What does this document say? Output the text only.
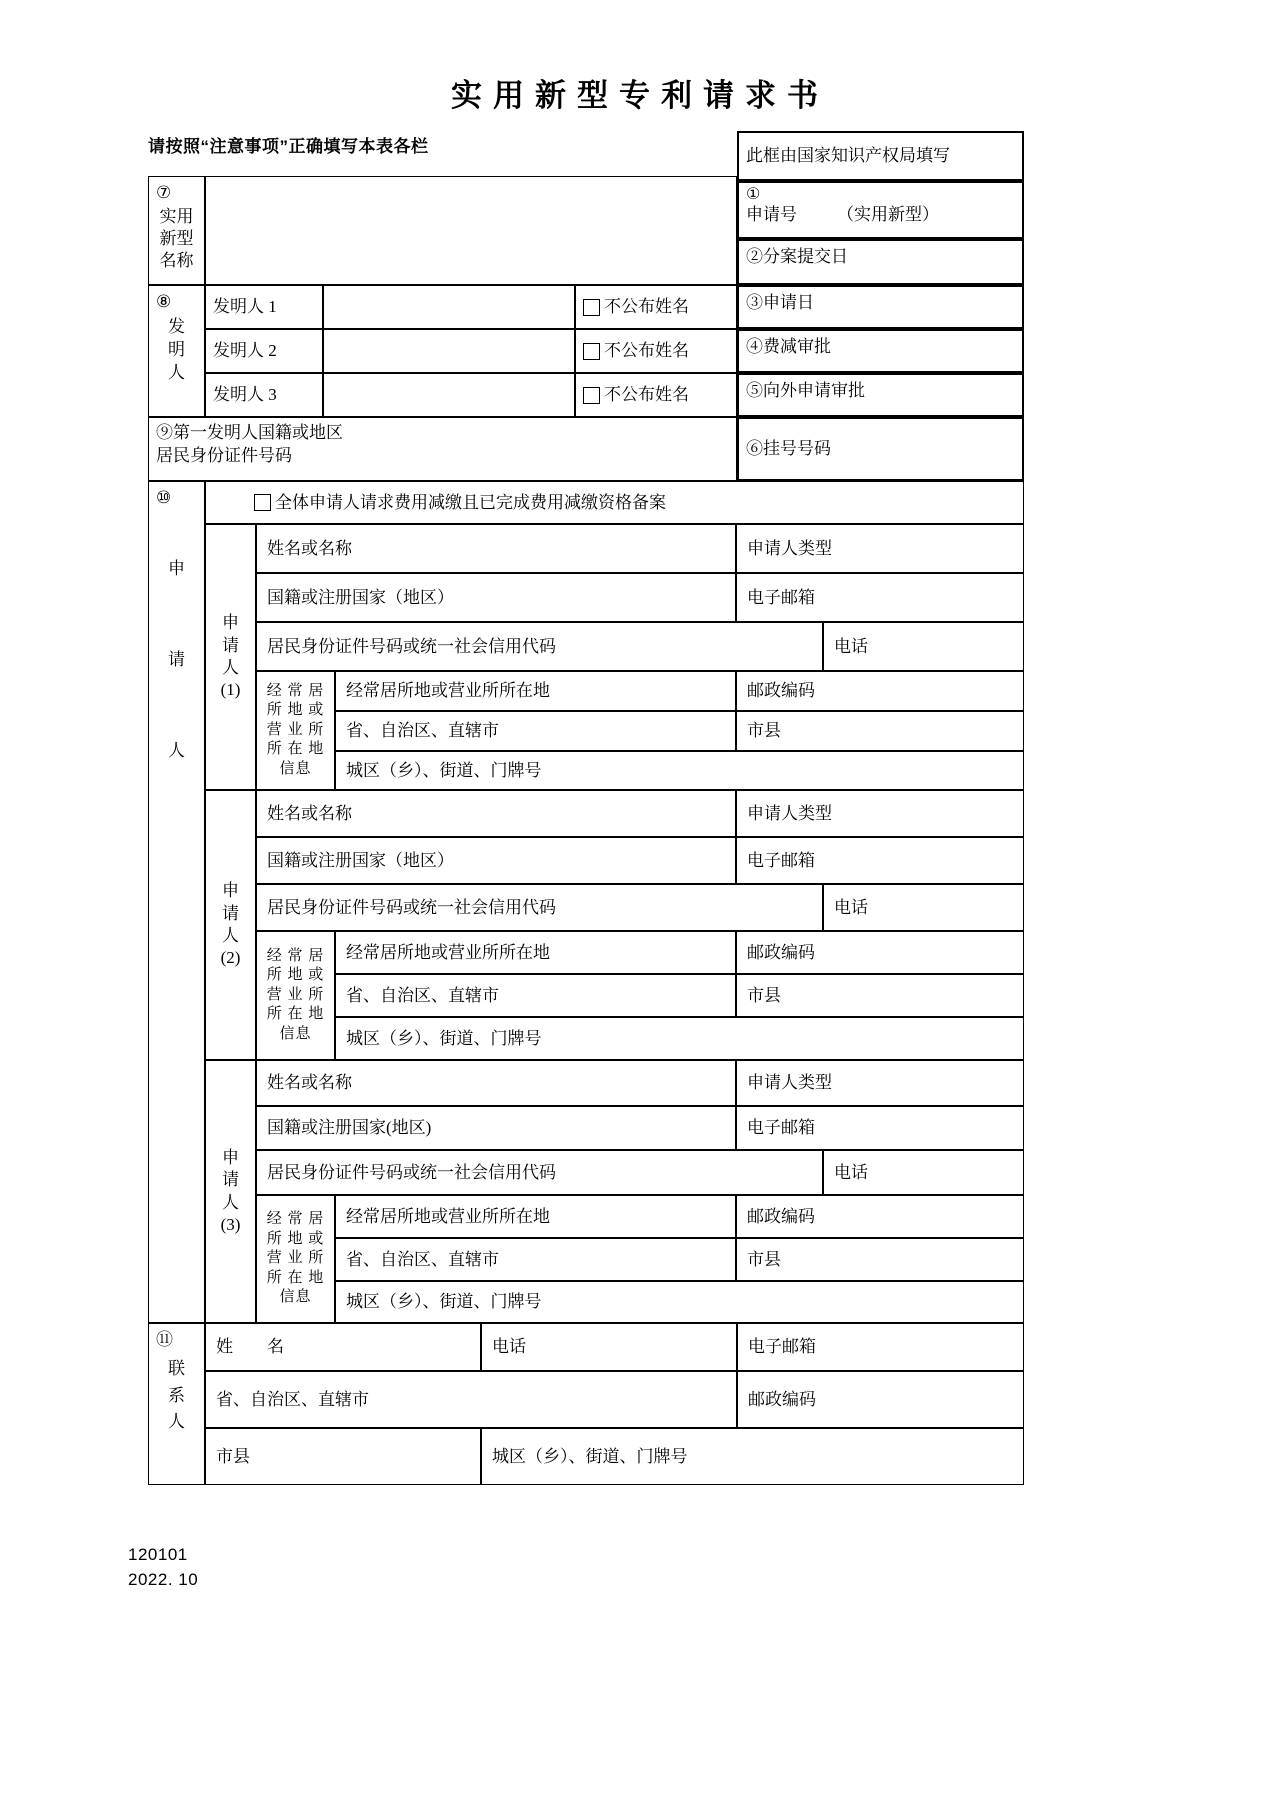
实用新型专利请求书
请按照“注意事项”正确填写本表各栏	此框由国家知识产权局填写
①
申请号 （实用新型）
②分案提交日
③申请日
④费减审批
⑤向外申请审批
⑥挂号号码
⑦
实用
新型
名称
⑧
发
明
人
发明人 1	不公布姓名
发明人 2	不公布姓名
发明人 3	不公布姓名
⑨第一发明人国籍或地区
居民身份证件号码
⑩
申
请
人
全体申请人请求费用减缴且已完成费用减缴资格备案
申
请
人
(1)
姓名或名称	申请人类型
国籍或注册国家（地区）	电子邮箱
居民身份证件号码或统一社会信用代码	电话
经 常 居
所 地 或
营 业 所
所 在 地
信息
经常居所地或营业所所在地	邮政编码
省、自治区、直辖市	市县
城区（乡）、街道、门牌号
申
请
人
(2)
姓名或名称	申请人类型
国籍或注册国家（地区）	电子邮箱
居民身份证件号码或统一社会信用代码	电话
经 常 居
所 地 或
营 业 所
所 在 地
信息
经常居所地或营业所所在地	邮政编码
省、自治区、直辖市	市县
城区（乡）、街道、门牌号
申
请
人
(3)
姓名或名称	申请人类型
国籍或注册国家(地区)	电子邮箱
居民身份证件号码或统一社会信用代码	电话
经 常 居
所 地 或
营 业 所
所 在 地
信息
经常居所地或营业所所在地	邮政编码
省、自治区、直辖市	市县
城区（乡）、街道、门牌号
⑪
联
系
人
姓　　名	电话	电子邮箱
省、自治区、直辖市	邮政编码
市县	城区（乡）、街道、门牌号
120101
2022. 10
